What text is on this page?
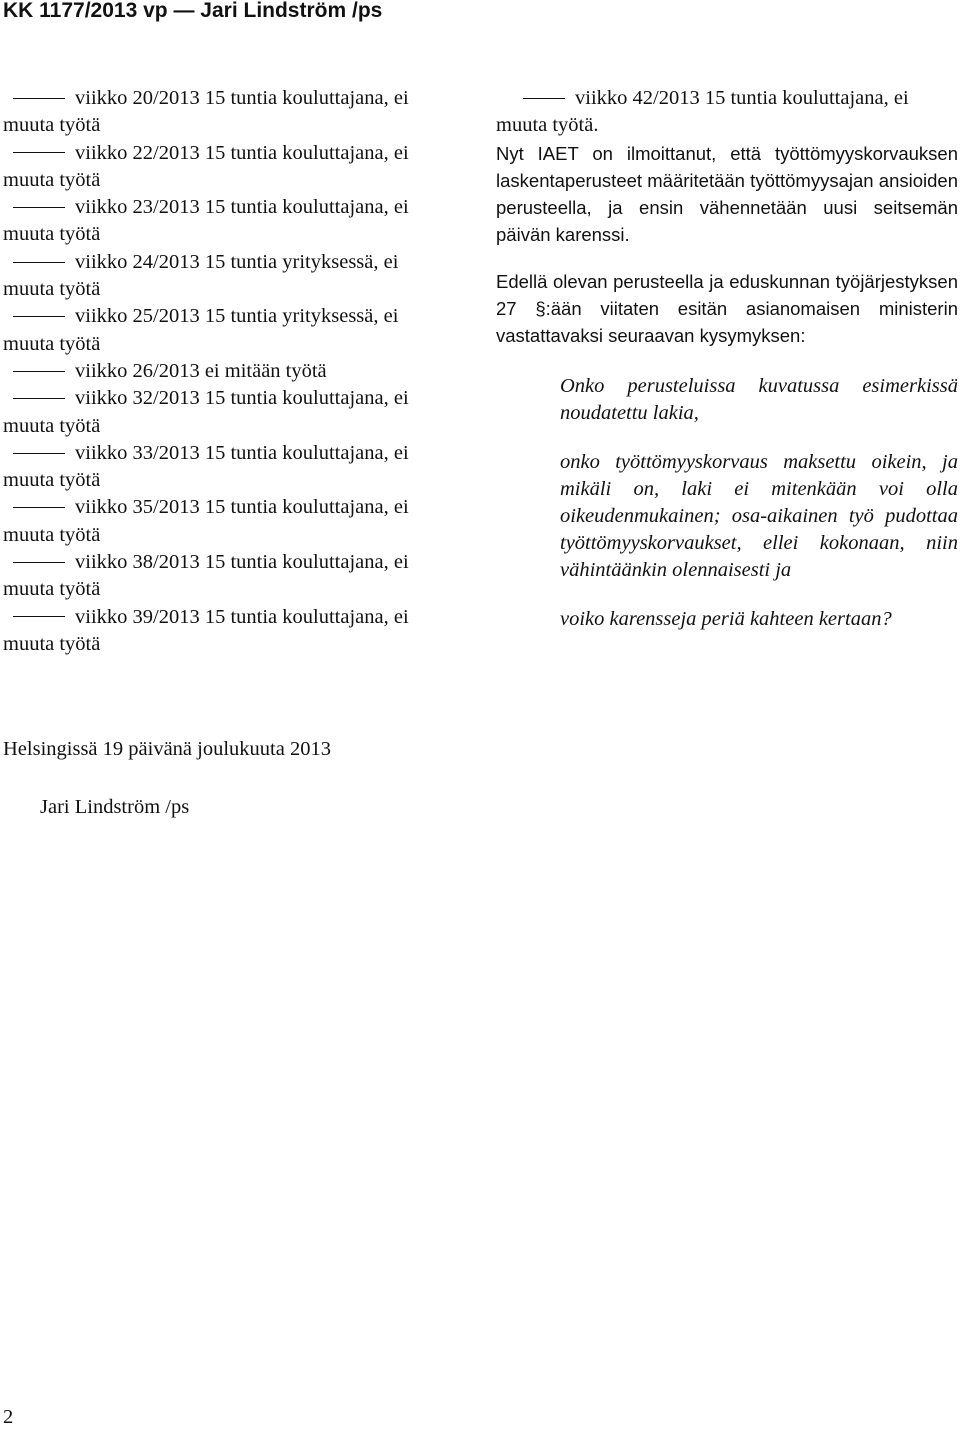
KK 1177/2013 vp — Jari Lindström /ps
viikko 20/2013 15 tuntia kouluttajana, ei
muuta työtä
viikko 22/2013 15 tuntia kouluttajana, ei
muuta työtä
viikko 23/2013 15 tuntia kouluttajana, ei
muuta työtä
viikko 24/2013 15 tuntia yrityksessä, ei
muuta työtä
viikko 25/2013 15 tuntia yrityksessä, ei
muuta työtä
viikko 26/2013 ei mitään työtä
viikko 32/2013 15 tuntia kouluttajana, ei
muuta työtä
viikko 33/2013 15 tuntia kouluttajana, ei
muuta työtä
viikko 35/2013 15 tuntia kouluttajana, ei
muuta työtä
viikko 38/2013 15 tuntia kouluttajana, ei
muuta työtä
viikko 39/2013 15 tuntia kouluttajana, ei
muuta työtä
viikko 42/2013 15 tuntia kouluttajana, ei
muuta työtä.
Nyt IAET on ilmoittanut, että työttömyyskorvauksen laskentaperusteet määritetään työttömyysajan ansioiden perusteella, ja ensin vähennetään uusi seitsemän päivän karenssi.
Edellä olevan perusteella ja eduskunnan työjärjestyksen 27 §:ään viitaten esitän asianomaisen ministerin vastattavaksi seuraavan kysymyksen:
Onko perusteluissa kuvatussa esimerkissä noudatettu lakia,
onko työttömyyskorvaus maksettu oikein, ja mikäli on, laki ei mitenkään voi olla oikeudenmukainen; osa-aikainen työ pudottaa työttömyyskorvaukset, ellei kokonaan, niin vähintäänkin olennaisesti ja
voiko karensseja periä kahteen kertaan?
Helsingissä 19 päivänä joulukuuta 2013
Jari Lindström /ps
2
